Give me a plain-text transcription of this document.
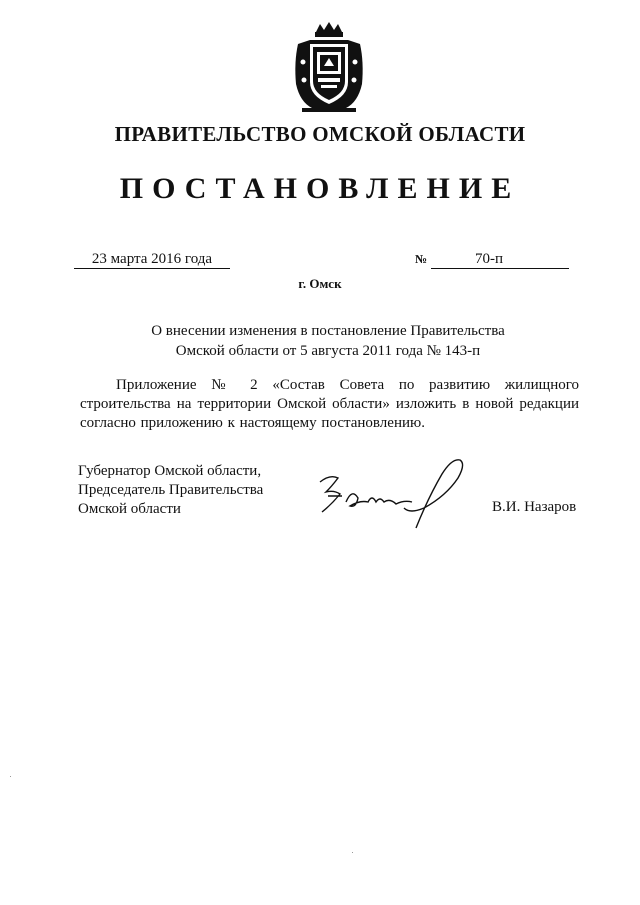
ПРАВИТЕЛЬСТВО ОМСКОЙ ОБЛАСТИ
ПОСТАНОВЛЕНИЕ
23 марта 2016 года	№	70-п
г. Омск
О внесении изменения в постановление Правительства
Омской области от 5 августа 2011 года № 143-п
Приложение № 2 «Состав Совета по развитию жилищного строительства на территории Омской области» изложить в новой редакции согласно приложению к настоящему постановлению.
Губернатор Омской области,
Председатель Правительства
Омской области	В.И. Назаров
